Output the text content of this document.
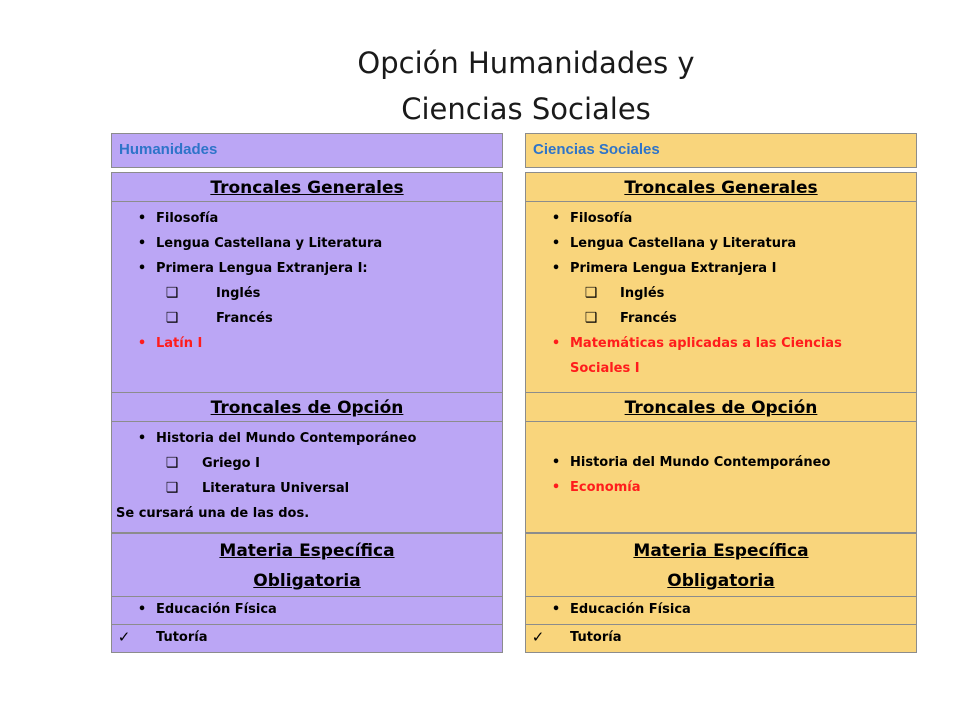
Opción Humanidades y
Ciencias Sociales
Humanidades
Troncales Generales
• Filosofía
• Lengua Castellana y Literatura
• Primera Lengua Extranjera I:
❑	Inglés
❑	Francés
• Latín I
Troncales de Opción
• Historia del Mundo Contemporáneo
❑ Griego I
❑ Literatura Universal
Se cursará una de las dos.
Materia Específica
Obligatoria
• Educación Física
✓ Tutoría
Ciencias Sociales
Troncales Generales
• Filosofía
• Lengua Castellana y Literatura
• Primera Lengua Extranjera I
❑ Inglés
❑ Francés
• Matemáticas aplicadas a las Ciencias Sociales I
Troncales de Opción
• Historia del Mundo Contemporáneo
• Economía
Materia Específica
Obligatoria
• Educación Física
✓ Tutoría
